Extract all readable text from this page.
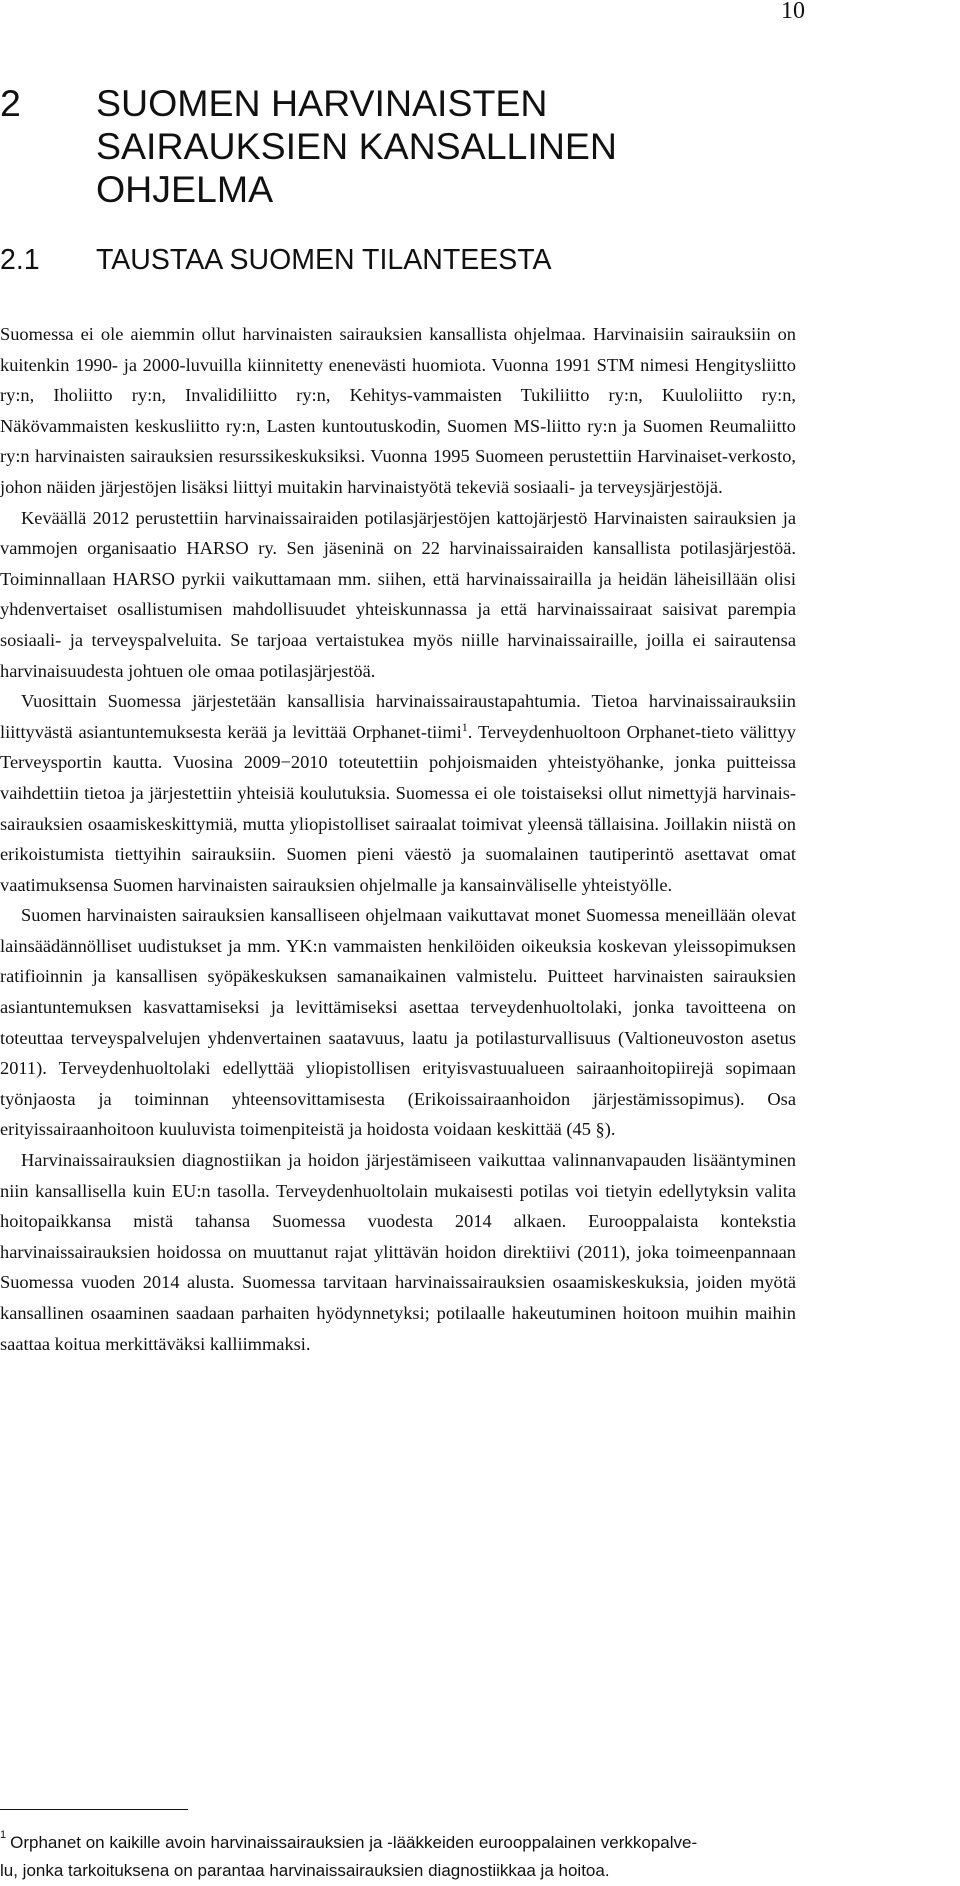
10
2 SUOMEN HARVINAISTEN
SAIRAUKSIEN KANSALLINEN
OHJELMA
2.1 TAUSTAA SUOMEN TILANTEESTA

Suomessa ei ole aiemmin ollut harvinaisten sairauksien kansallista ohjelmaa. Harvinaisiin sairauksiin on kuitenkin 1990- ja 2000-luvuilla kiinnitetty enenevästi huomiota. Vuonna 1991 STM nimesi Hengitysliitto ry:n, Iholiitto ry:n, Invalidiliitto ry:n, Kehitys-vammaisten Tukiliitto ry:n, Kuuloliitto ry:n, Näkövammaisten keskusliitto ry:n, Lasten kuntoutuskodin, Suomen MS-liitto ry:n ja Suomen Reumaliitto ry:n harvinaisten sairauksien resurssikeskuksiksi. Vuonna 1995 Suomeen perustettiin Harvinaiset-verkosto, johon näiden järjestöjen lisäksi liittyi muitakin harvinaistyötä tekeviä sosiaali- ja terveysjärjestöjä.

Keväällä 2012 perustettiin harvinaissairaiden potilasjärjestöjen kattojärjestö Harvinaisten sairauksien ja vammojen organisaatio HARSO ry. Sen jäseninä on 22 harvinaissairaiden kansallista potilasjärjestöä. Toiminnallaan HARSO pyrkii vaikuttamaan mm. siihen, että harvinaissairailla ja heidän läheisillään olisi yhdenvertaiset osallistumisen mahdollisuudet yhteiskunnassa ja että harvinaissairaat saisivat parempia sosiaali- ja terveyspalveluita. Se tarjoaa vertaistukea myös niille harvinaissairaille, joilla ei sairautensa harvinaisuudesta johtuen ole omaa potilasjärjestöä.

Vuosittain Suomessa järjestetään kansallisia harvinaissairaustapahtumia. Tietoa harvinaissairauksiin liittyvästä asiantuntemuksesta kerää ja levittää Orphanet-tiimi$^1$. Terveydenhuoltoon Orphanet-tieto välittyy Terveysportin kautta. Vuosina 2009−2010 toteutettiin pohjoismaiden yhteistyöhanke, jonka puitteissa vaihdettiin tietoa ja järjestettiin yhteisiä koulutuksia. Suomessa ei ole toistaiseksi ollut nimettyjä harvinais-sairauksien osaamiskeskittymiä, mutta yliopistolliset sairaalat toimivat yleensä tällaisina. Joillakin niistä on erikoistumista tiettyihin sairauksiin. Suomen pieni väestö ja suomalainen tautiperintö asettavat omat vaatimuksensa Suomen harvinaisten sairauksien ohjelmalle ja kansainväliselle yhteistyölle.

Suomen harvinaisten sairauksien kansalliseen ohjelmaan vaikuttavat monet Suomessa meneillään olevat lainsäädännölliset uudistukset ja mm. YK:n vammaisten henkilöiden oikeuksia koskevan yleissopimuksen ratifioinnin ja kansallisen syöpäkeskuksen samanaikainen valmistelu. Puitteet harvinaisten sairauksien asiantuntemuksen kasvattamiseksi ja levittämiseksi asettaa terveydenhuoltolaki, jonka tavoitteena on toteuttaa terveyspalvelujen yhdenvertainen saatavuus, laatu ja potilasturvallisuus (Valtioneuvoston asetus 2011). Terveydenhuoltolaki edellyttää yliopistollisen erityisvastuualueen sairaanhoitopiirejä sopimaan työnjaosta ja toiminnan yhteensovittamisesta (Erikoissairaanhoidon järjestämissopimus). Osa erityissairaanhoitoon kuuluvista toimenpiteistä ja hoidosta voidaan keskittää (45 §).

Harvinaissairauksien diagnostiikan ja hoidon järjestämiseen vaikuttaa valinnanvapauden lisääntyminen niin kansallisella kuin EU:n tasolla. Terveydenhuoltolain mukaisesti potilas voi tietyin edellytyksin valita hoitopaikkansa mistä tahansa Suomessa vuodesta 2014 alkaen. Eurooppalaista kontekstia harvinaissairauksien hoidossa on muuttanut rajat ylittävän hoidon direktiivi (2011), joka toimeenpannaan Suomessa vuoden 2014 alusta. Suomessa tarvitaan harvinaissairauksien osaamiskeskuksia, joiden myötä kansallinen osaaminen saadaan parhaiten hyödynnetyksi; potilaalle hakeutuminen hoitoon muihin maihin saattaa koitua merkittäväksi kalliimmaksi.

$^1$ Orphanet on kaikille avoin harvinaissairauksien ja -lääkkeiden eurooppalainen verkkopalve-
lu, jonka tarkoituksena on parantaa harvinaissairauksien diagnostiikkaa ja hoitoa.
